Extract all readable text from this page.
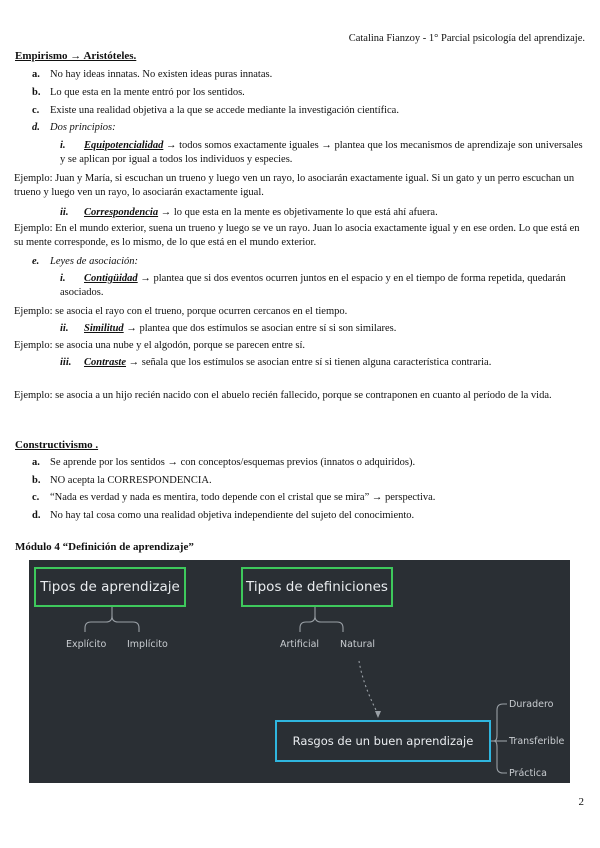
Catalina Fianzoy - 1° Parcial psicología del aprendizaje.
Empirismo → Aristóteles.
a. No hay ideas innatas. No existen ideas puras innatas.
b. Lo que esta en la mente entró por los sentidos.
c. Existe una realidad objetiva a la que se accede mediante la investigación científica.
d. Dos principios:
i. Equipotencialidad → todos somos exactamente iguales → plantea que los mecanismos de aprendizaje son universales y se aplican por igual a todos los individuos y especies.
Ejemplo: Juan y María, si escuchan un trueno y luego ven un rayo, lo asociarán exactamente igual. Si un gato y un perro escuchan un trueno y luego ven un rayo, lo asociarán exactamente igual.
ii. Correspondencia → lo que esta en la mente es objetivamente lo que está ahí afuera.
Ejemplo: En el mundo exterior, suena un trueno y luego se ve un rayo. Juan lo asocia exactamente igual y en ese orden. Lo que está en su mente corresponde, es lo mismo, de lo que está en el mundo exterior.
e. Leyes de asociación:
i. Contigüidad → plantea que si dos eventos ocurren juntos en el espacio y en el tiempo de forma repetida, quedarán asociados.
Ejemplo: se asocia el rayo con el trueno, porque ocurren cercanos en el tiempo.
ii. Similitud → plantea que dos estímulos se asocian entre sí si son similares.
Ejemplo: se asocia una nube y el algodón, porque se parecen entre sí.
iii. Contraste → señala que los estímulos se asocian entre sí si tienen alguna característica contraria.
Ejemplo: se asocia a un hijo recién nacido con el abuelo recién fallecido, porque se contraponen en cuanto al período de la vida.
Constructivismo .
a. Se aprende por los sentidos → con conceptos/esquemas previos (innatos o adquiridos).
b. NO acepta la CORRESPONDENCIA.
c. “Nada es verdad y nada es mentira, todo depende con el cristal que se mira” → perspectiva.
d. No hay tal cosa como una realidad objetiva independiente del sujeto del conocimiento.
Módulo 4 “Definición de aprendizaje”
Tipos de aprendizaje	Tipos de definiciones
Rasgos de un buen aprendizaje
Explícito Implícito	Artificial Natural
Duradero
Transferible
Práctica
2
